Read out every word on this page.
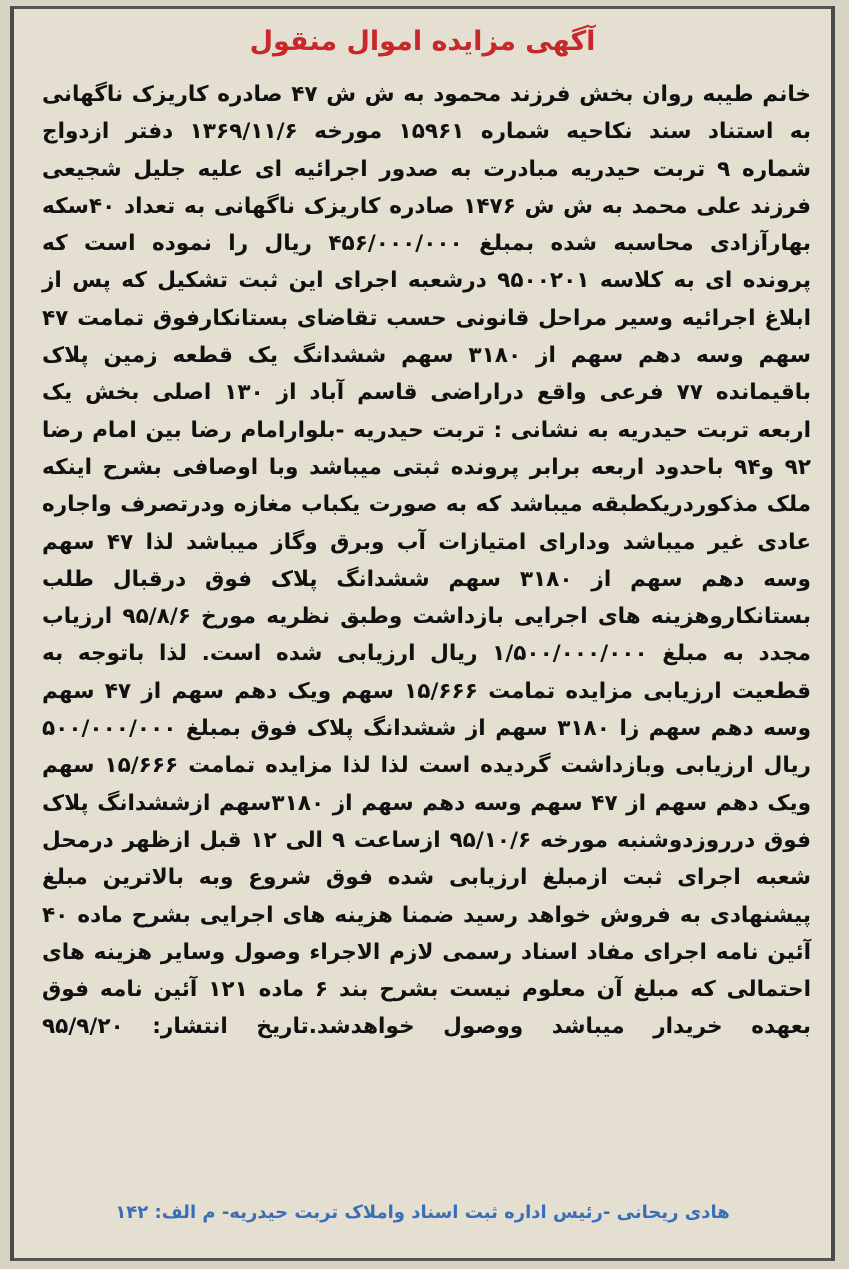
آگهی مزایده اموال منقول

خانم طیبه روان بخش فرزند محمود به ش ش ۴۷ صادره کاریزک ناگهانی به استناد سند نکاحیه شماره ۱۵۹۶۱ مورخه ۱۳۶۹/۱۱/۶ دفتر ازدواج شماره ۹ تربت حیدریه مبادرت به صدور اجرائیه ای علیه جلیل شجیعی فرزند علی محمد به ش ش ۱۴۷۶ صادره کاریزک ناگهانی به تعداد ۴۰سکه بهارآزادی محاسبه شده بمبلغ ۴۵۶/۰۰۰/۰۰۰ ریال را نموده است که پرونده ای به کلاسه ۹۵۰۰۲۰۱ درشعبه اجرای این ثبت تشکیل که پس از ابلاغ اجرائیه وسیر مراحل قانونی حسب تقاضای بستانکارفوق تمامت ۴۷ سهم وسه دهم سهم از ۳۱۸۰ سهم ششدانگ یک قطعه زمین پلاک باقیمانده ۷۷ فرعی واقع دراراضی قاسم آباد از ۱۳۰ اصلی بخش یک اربعه تربت حیدریه به نشانی : تربت حیدریه -بلوارامام رضا بین امام رضا ۹۲ و۹۴ باحدود اربعه برابر پرونده ثبتی میباشد وبا اوصافی بشرح اینکه ملک مذکوردریکطبقه میباشد که به صورت یکباب مغازه ودرتصرف واجاره عادی غیر میباشد ودارای امتیازات آب وبرق وگاز میباشد لذا ۴۷ سهم وسه دهم سهم از ۳۱۸۰ سهم ششدانگ پلاک فوق درقبال طلب بستانکاروهزینه های اجرایی بازداشت وطبق نظریه مورخ ۹۵/۸/۶ ارزیاب مجدد به مبلغ ۱/۵۰۰/۰۰۰/۰۰۰ ریال ارزیابی شده است. لذا باتوجه به قطعیت ارزیابی مزایده تمامت ۱۵/۶۶۶ سهم ویک دهم سهم از ۴۷ سهم وسه دهم سهم زا ۳۱۸۰ سهم از ششدانگ پلاک فوق بمبلغ ۵۰۰/۰۰۰/۰۰۰ ریال ارزیابی وبازداشت گردیده است لذا لذا مزایده تمامت ۱۵/۶۶۶ سهم ویک دهم سهم از ۴۷ سهم وسه دهم سهم از ۳۱۸۰سهم ازششدانگ پلاک فوق درروزدوشنبه مورخه ۹۵/۱۰/۶ ازساعت ۹ الی ۱۲ قبل ازظهر درمحل شعبه اجرای ثبت ازمبلغ ارزیابی شده فوق شروع وبه بالاترین مبلغ پیشنهادی به فروش خواهد رسید ضمنا هزینه های اجرایی بشرح ماده ۴۰ آئین نامه اجرای مفاد اسناد رسمی لازم الاجراء وصول وسایر هزینه های احتمالی که مبلغ آن معلوم نیست بشرح بند ۶ ماده ۱۲۱ آئین نامه فوق بعهده خریدار میباشد ووصول خواهدشد.تاریخ انتشار: ۹۵/۹/۲۰

هادی ریحانی -رئیس اداره ثبت اسناد واملاک تربت حیدریه- م الف: ۱۴۲
